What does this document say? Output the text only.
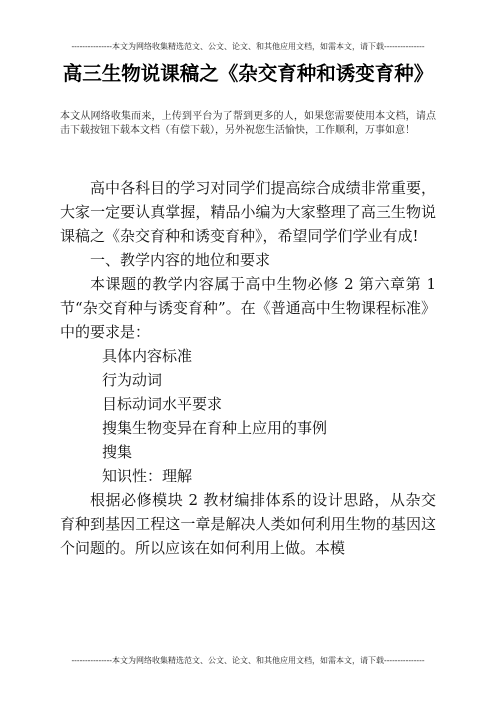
---------------本文为网络收集精选范文、公文、论文、和其他应用文档，如需本文，请下载---------------
高三生物说课稿之《杂交育种和诱变育种》

本文从网络收集而来，上传到平台为了帮到更多的人，如果您需要使用本文档，请点击下载按钮下载本文档（有偿下载），另外祝您生活愉快，工作顺利，万事如意！

高中各科目的学习对同学们提高综合成绩非常重要，大家一定要认真掌握，精品小编为大家整理了高三生物说课稿之《杂交育种和诱变育种》，希望同学们学业有成!

一、教学内容的地位和要求

本课题的教学内容属于高中生物必修 2 第六章第 1 节“杂交育种与诱变育种”。在《普通高中生物课程标准》中的要求是：

具体内容标准

行为动词

目标动词水平要求

搜集生物变异在育种上应用的事例

搜集

知识性：理解

根据必修模块 2 教材编排体系的设计思路，从杂交育种到基因工程这一章是解决人类如何利用生物的基因这个问题的。所以应该在如何利用上做。本模

---------------本文为网络收集精选范文、公文、论文、和其他应用文档，如需本文，请下载---------------
